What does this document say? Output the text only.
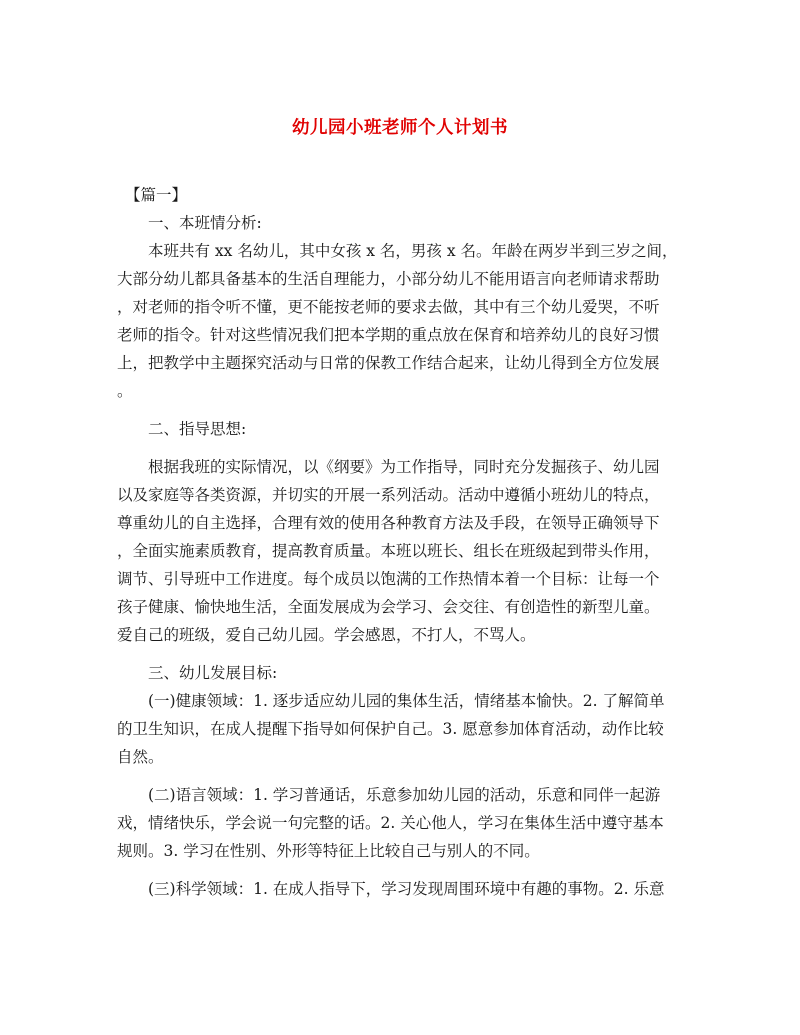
幼儿园小班老师个人计划书
【篇一】
一、本班情分析:
本班共有 xx 名幼儿，其中女孩 x 名，男孩 x 名。年龄在两岁半到三岁之间，
大部分幼儿都具备基本的生活自理能力，小部分幼儿不能用语言向老师请求帮助
，对老师的指令听不懂，更不能按老师的要求去做，其中有三个幼儿爱哭，不听
老师的指令。针对这些情况我们把本学期的重点放在保育和培养幼儿的良好习惯
上，把教学中主题探究活动与日常的保教工作结合起来，让幼儿得到全方位发展
。
二、指导思想:
根据我班的实际情况，以《纲要》为工作指导，同时充分发掘孩子、幼儿园
以及家庭等各类资源，并切实的开展一系列活动。活动中遵循小班幼儿的特点，
尊重幼儿的自主选择，合理有效的使用各种教育方法及手段，在领导正确领导下
，全面实施素质教育，提高教育质量。本班以班长、组长在班级起到带头作用，
调节、引导班中工作进度。每个成员以饱满的工作热情本着一个目标：让每一个
孩子健康、愉快地生活，全面发展成为会学习、会交往、有创造性的新型儿童。
爱自己的班级，爱自己幼儿园。学会感恩，不打人，不骂人。
三、幼儿发展目标:
(一)健康领域：1. 逐步适应幼儿园的集体生活，情绪基本愉快。2. 了解简单
的卫生知识，在成人提醒下指导如何保护自己。3. 愿意参加体育活动，动作比较
自然。
(二)语言领域：1. 学习普通话，乐意参加幼儿园的活动，乐意和同伴一起游
戏，情绪快乐，学会说一句完整的话。2. 关心他人，学习在集体生活中遵守基本
规则。3. 学习在性别、外形等特征上比较自己与别人的不同。
(三)科学领域：1. 在成人指导下，学习发现周围环境中有趣的事物。2. 乐意
